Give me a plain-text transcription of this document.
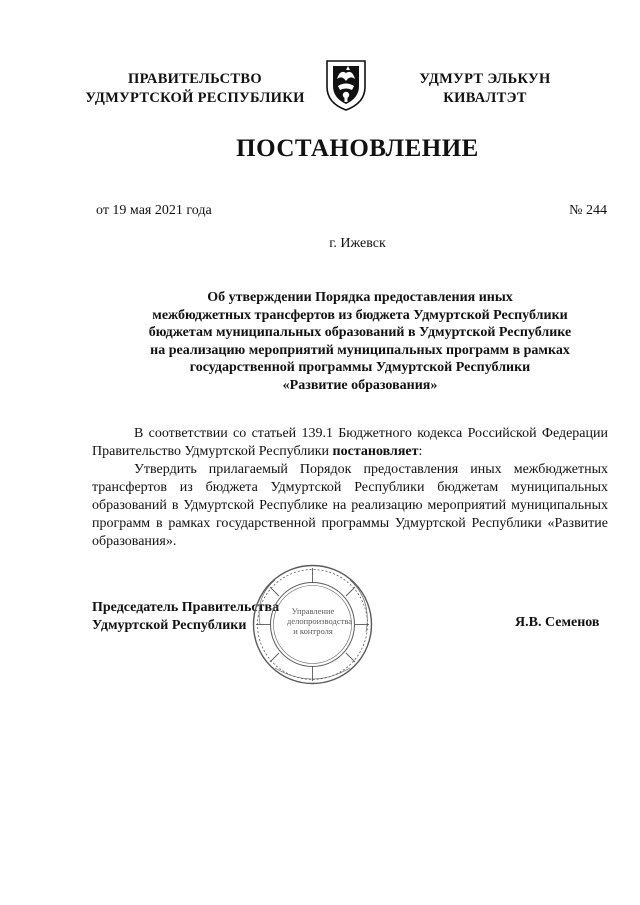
ПРАВИТЕЛЬСТВО
УДМУРТСКОЙ РЕСПУБЛИКИ
УДМУРТ ЭЛЬКУН
КИВАЛТЭТ
ПОСТАНОВЛЕНИЕ
от 19 мая 2021 года	№ 244
г. Ижевск
Об утверждении Порядка предоставления иных
межбюджетных трансфертов из бюджета Удмуртской Республики
бюджетам муниципальных образований в Удмуртской Республике
на реализацию мероприятий муниципальных программ в рамках
государственной программы Удмуртской Республики
«Развитие образования»

В соответствии со статьей 139.1 Бюджетного кодекса Российской Федерации Правительство Удмуртской Республики постановляет:

Утвердить прилагаемый Порядок предоставления иных межбюджетных трансфертов из бюджета Удмуртской Республики бюджетам муниципальных образований в Удмуртской Республике на реализацию мероприятий муниципальных программ в рамках государственной программы Удмуртской Республики «Развитие образования».

Председатель Правительства
Удмуртской Республики	Я.В. Семенов
Управление
делопроизводства
и контроля
